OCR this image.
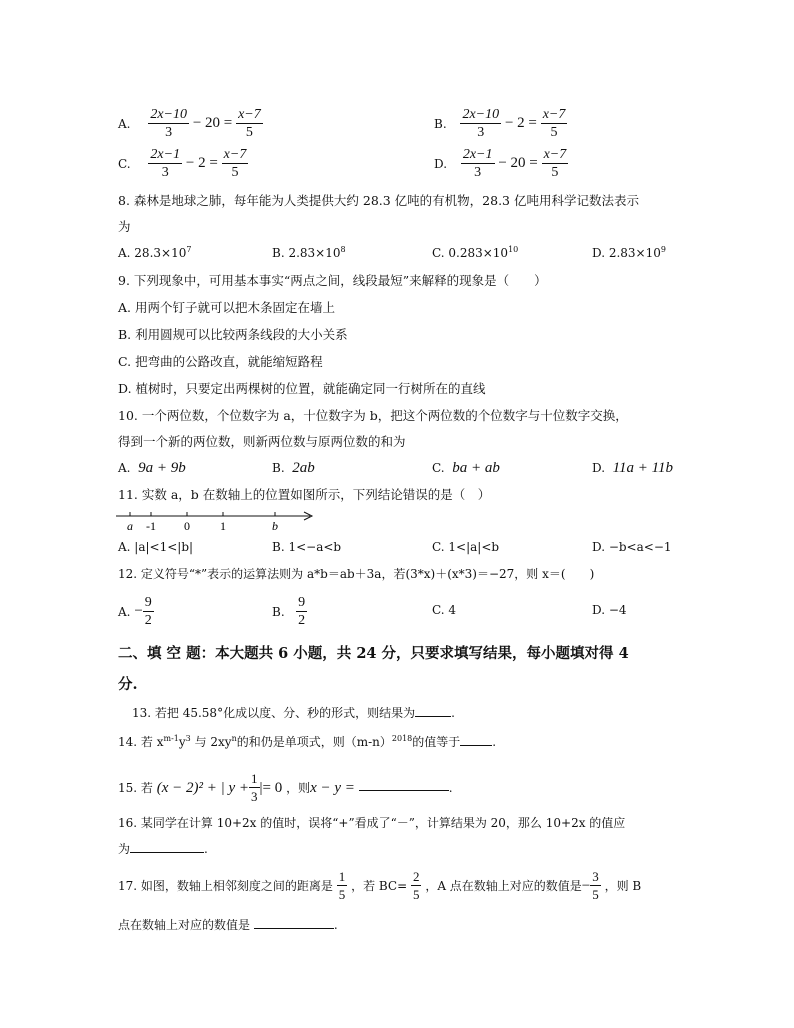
A. $\frac{2x-10}{3} - 20 = \frac{x-7}{5}$	B. $\frac{2x-10}{3} - 2 = \frac{x-7}{5}$
C. $\frac{2x-1}{3} - 2 = \frac{x-7}{5}$	D. $\frac{2x-1}{3} - 20 = \frac{x-7}{5}$
8. 森林是地球之肺，每年能为人类提供大约 28.3 亿吨的有机物，28.3 亿吨用科学记数法表示
为
A. $28.3\times 10^7$	B. $2.83\times 10^8$	C. $0.283\times 10^{10}$	D. $2.83\times 10^9$
9. 下列现象中，可用基本事实“两点之间，线段最短”来解释的现象是（　　）
A. 用两个钉子就可以把木条固定在墙上
B. 利用圆规可以比较两条线段的大小关系
C. 把弯曲的公路改直，就能缩短路程
D. 植树时，只要定出两棵树的位置，就能确定同一行树所在的直线
10. 一个两位数，个位数字为 a，十位数字为 b，把这个两位数的个位数字与十位数字交换，
得到一个新的两位数，则新两位数与原两位数的和为
A. 9a + 9b	B. 2ab	C. ba + ab	D. 11a + 11b
11. 实数 a，b 在数轴上的位置如图所示，下列结论错误的是（　）
a -1 0	1	b
A. |a|<1<|b|	B. 1<−a<b	C. 1<|a|<b	D. −b<a<−1
12. 定义符号“*”表示的运算法则为 a*b＝ab＋3a，若(3*x)＋(x*3)＝−27，则 x＝(　　)
A. − $\frac{9}{2}$	B. $\frac{9}{2}$	C. 4	D. −4
二、填 空 题：本大题共 6 小题，共 24 分，只要求填写结果，每小题填对得 4
分.
13. 若把 45.58°化成以度、分、秒的形式，则结果为	.
14. 若 $x^{m-1}y^3$ 与 $2xy^n$的和仍是单项式，则$(m-n)^{2018}$的值等于	.
15. 若 (x − 2)² + | $y + \frac{1}{3}$ |= 0 ，则x − y =	.
16. 某同学在计算 10+2x 的值时，误将“+”看成了“－”，计算结果为 20，那么 10+2x 的值应
为	.
17. 如图，数轴上相邻刻度之间的距离是 $\frac{1}{5}$ ，若 $BC= \frac{2}{5}$ ，A 点在数轴上对应的数值是− $\frac{3}{5}$ ，则 B
点在数轴上对应的数值是	.
